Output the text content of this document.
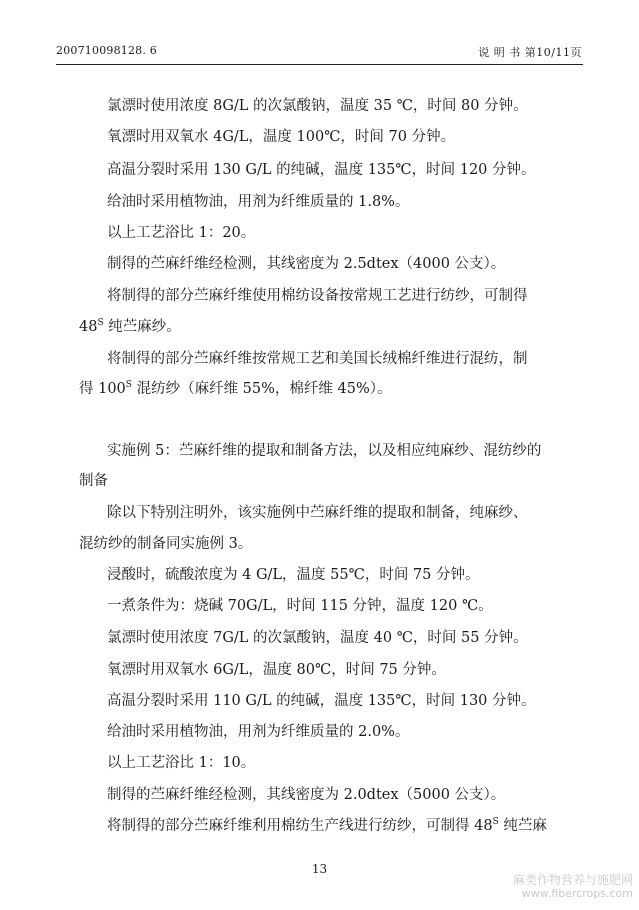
200710098128. 6	说 明 书 第10/11页
氯漂时使用浓度 8G/L 的次氯酸钠，温度 35 ℃，时间 80 分钟。
氧漂时用双氧水 4G/L，温度 100℃，时间 70 分钟。
高温分裂时采用 130 G/L 的纯碱，温度 135℃，时间 120 分钟。
给油时采用植物油，用剂为纤维质量的 1.8%。
以上工艺浴比 1：20。
制得的苎麻纤维经检测，其线密度为 2.5dtex（4000 公支）。
将制得的部分苎麻纤维使用棉纺设备按常规工艺进行纺纱，可制得
$48^S$ 纯苎麻纱。
将制得的部分苎麻纤维按常规工艺和美国长绒棉纤维进行混纺，制
得 $100^S$ 混纺纱（麻纤维 55%，棉纤维 45%）。
实施例 5：苎麻纤维的提取和制备方法，以及相应纯麻纱、混纺纱的
制备
除以下特别注明外，该实施例中苎麻纤维的提取和制备，纯麻纱、
混纺纱的制备同实施例 3。
浸酸时，硫酸浓度为 4 G/L，温度 55℃，时间 75 分钟。
一煮条件为：烧碱 70G/L，时间 115 分钟，温度 120 ℃。
氯漂时使用浓度 7G/L 的次氯酸钠，温度 40 ℃，时间 55 分钟。
氧漂时用双氧水 6G/L，温度 80℃，时间 75 分钟。
高温分裂时采用 110 G/L 的纯碱，温度 135℃，时间 130 分钟。
给油时采用植物油，用剂为纤维质量的 2.0%。
以上工艺浴比 1：10。
制得的苎麻纤维经检测，其线密度为 2.0dtex（5000 公支）。
将制得的部分苎麻纤维利用棉纺生产线进行纺纱，可制得 $48^S$ 纯苎麻
13
麻类作物营养与施肥网
www.fibercrops.com
